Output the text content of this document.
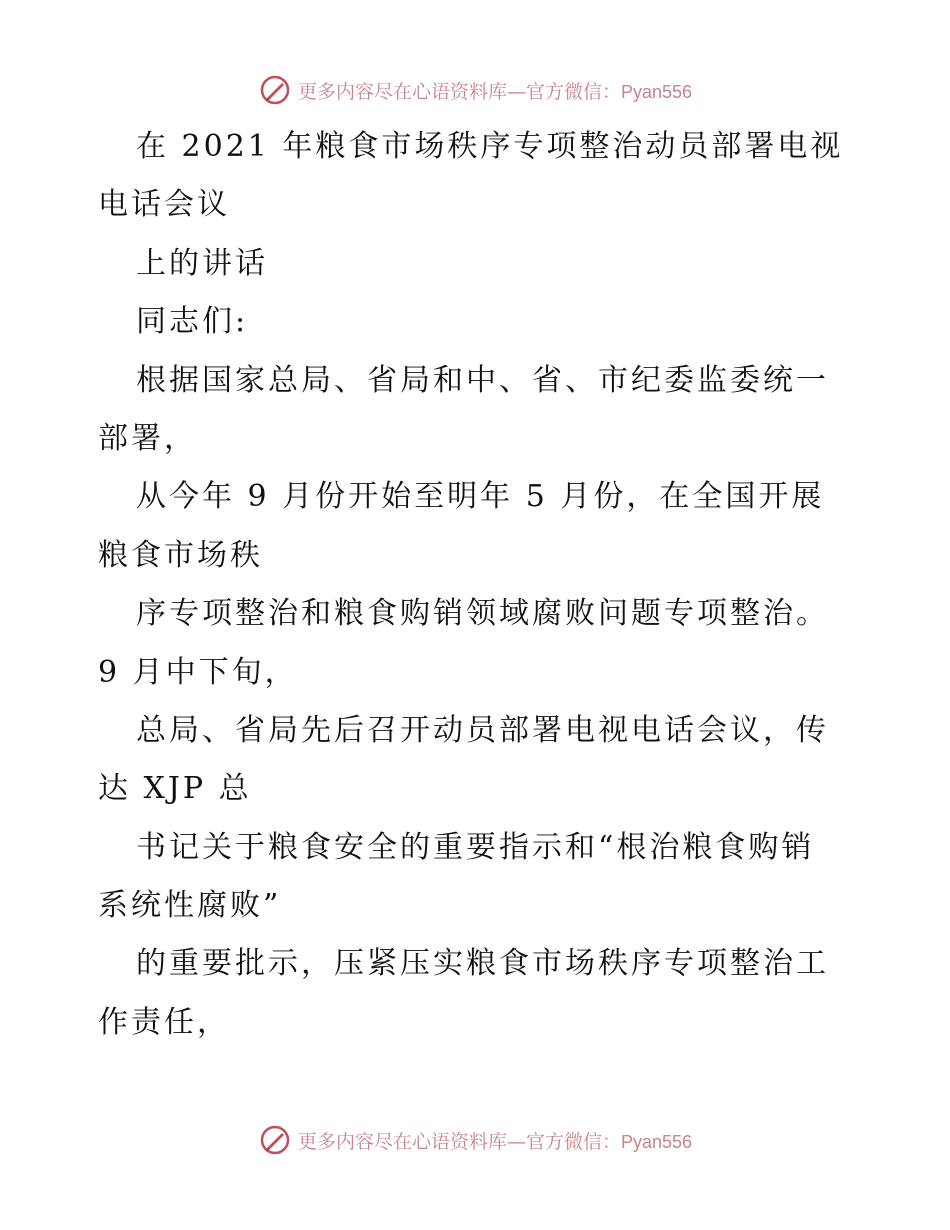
更多内容尽在心语资料库—官方微信：Pyan556
在 2021 年粮食市场秩序专项整治动员部署电视
电话会议
上的讲话
同志们:
根据国家总局、省局和中、省、市纪委监委统一
部署，
从今年 9 月份开始至明年 5 月份，在全国开展
粮食市场秩
序专项整治和粮食购销领域腐败问题专项整治。
9 月中下旬，
总局、省局先后召开动员部署电视电话会议，传
达 XJP 总
书记关于粮食安全的重要指示和“根治粮食购销
系统性腐败”
的重要批示，压紧压实粮食市场秩序专项整治工
作责任，
更多内容尽在心语资料库—官方微信：Pyan556
